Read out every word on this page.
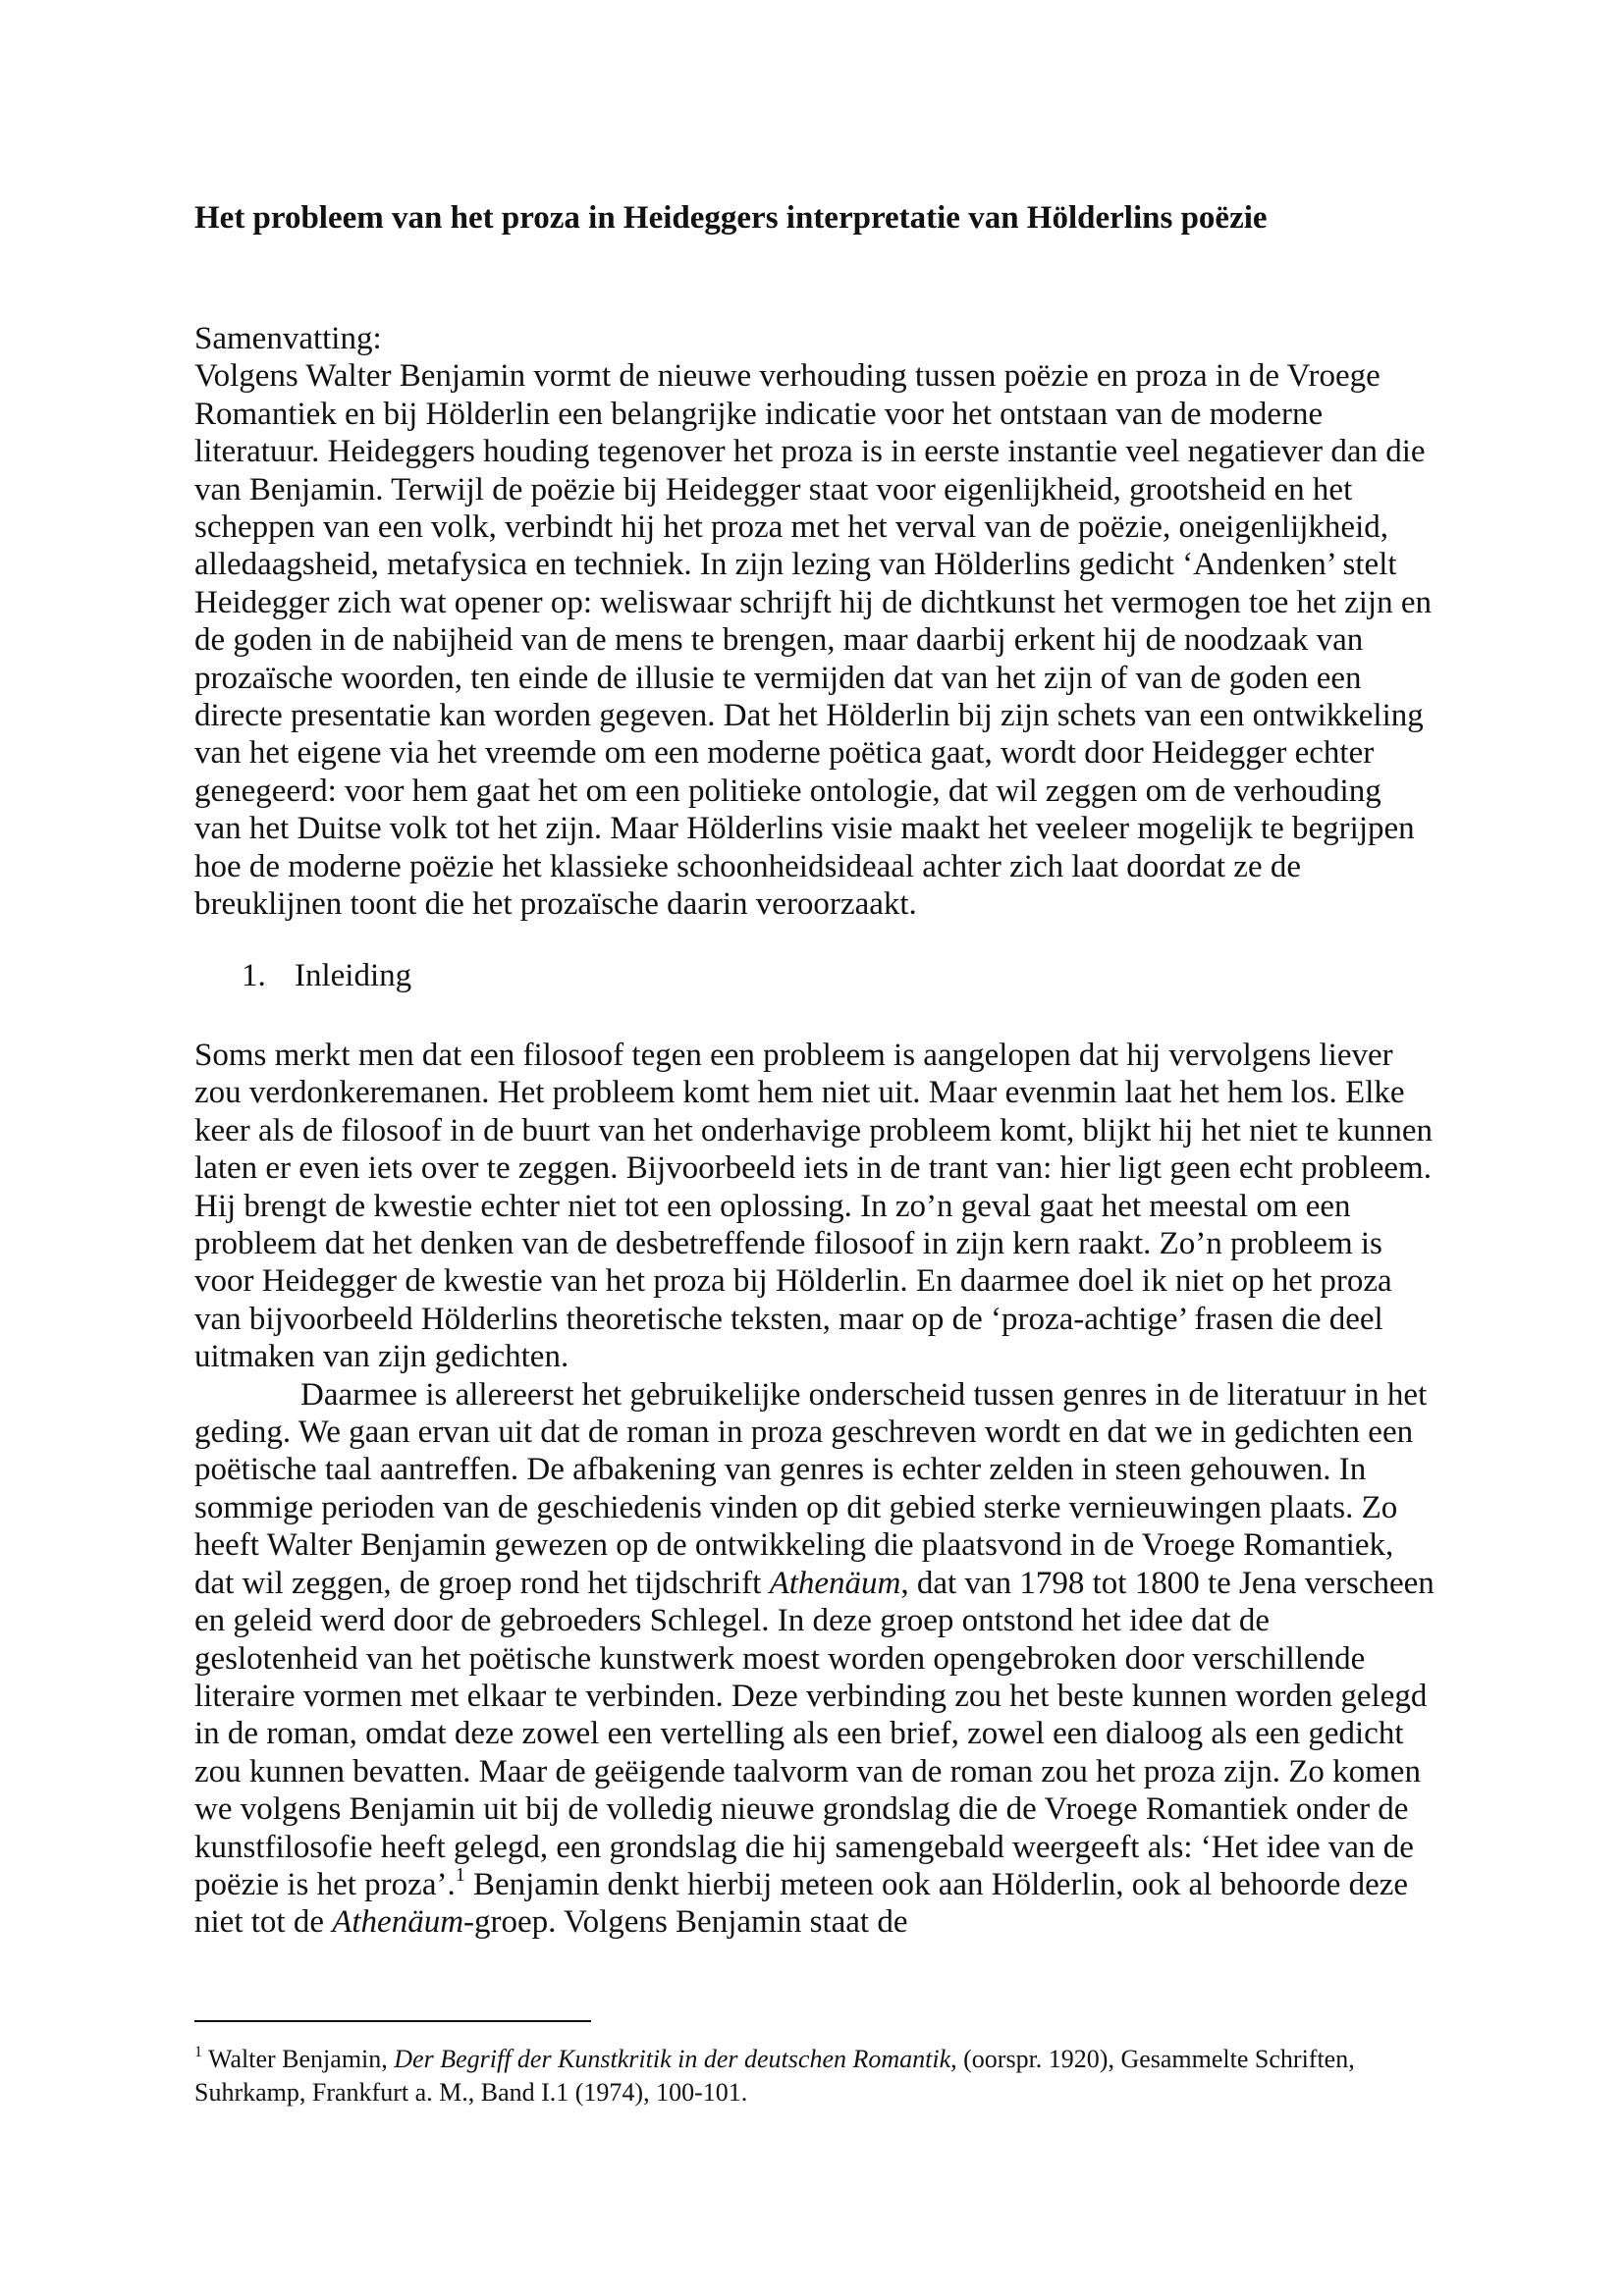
Het probleem van het proza in Heideggers interpretatie van Hölderlins poëzie

Samenvatting:

Volgens Walter Benjamin vormt de nieuwe verhouding tussen poëzie en proza in de Vroege Romantiek en bij Hölderlin een belangrijke indicatie voor het ontstaan van de moderne literatuur. Heideggers houding tegenover het proza is in eerste instantie veel negatiever dan die van Benjamin. Terwijl de poëzie bij Heidegger staat voor eigenlijkheid, grootsheid en het scheppen van een volk, verbindt hij het proza met het verval van de poëzie, oneigenlijkheid, alledaagsheid, metafysica en techniek. In zijn lezing van Hölderlins gedicht ‘Andenken’ stelt Heidegger zich wat opener op: weliswaar schrijft hij de dichtkunst het vermogen toe het zijn en de goden in de nabijheid van de mens te brengen, maar daarbij erkent hij de noodzaak van prozaïsche woorden, ten einde de illusie te vermijden dat van het zijn of van de goden een directe presentatie kan worden gegeven. Dat het Hölderlin bij zijn schets van een ontwikkeling van het eigene via het vreemde om een moderne poëtica gaat, wordt door Heidegger echter genegeerd: voor hem gaat het om een politieke ontologie, dat wil zeggen om de verhouding van het Duitse volk tot het zijn. Maar Hölderlins visie maakt het veeleer mogelijk te begrijpen hoe de moderne poëzie het klassieke schoonheidsideaal achter zich laat doordat ze de breuklijnen toont die het prozaïsche daarin veroorzaakt.

1. Inleiding

Soms merkt men dat een filosoof tegen een probleem is aangelopen dat hij vervolgens liever zou verdonkeremanen. Het probleem komt hem niet uit. Maar evenmin laat het hem los. Elke keer als de filosoof in de buurt van het onderhavige probleem komt, blijkt hij het niet te kunnen laten er even iets over te zeggen. Bijvoorbeeld iets in de trant van: hier ligt geen echt probleem. Hij brengt de kwestie echter niet tot een oplossing. In zo’n geval gaat het meestal om een probleem dat het denken van de desbetreffende filosoof in zijn kern raakt. Zo’n probleem is voor Heidegger de kwestie van het proza bij Hölderlin. En daarmee doel ik niet op het proza van bijvoorbeeld Hölderlins theoretische teksten, maar op de ‘proza-achtige’ frasen die deel uitmaken van zijn gedichten.

Daarmee is allereerst het gebruikelijke onderscheid tussen genres in de literatuur in het geding. We gaan ervan uit dat de roman in proza geschreven wordt en dat we in gedichten een poëtische taal aantreffen. De afbakening van genres is echter zelden in steen gehouwen. In sommige perioden van de geschiedenis vinden op dit gebied sterke vernieuwingen plaats. Zo heeft Walter Benjamin gewezen op de ontwikkeling die plaatsvond in de Vroege Romantiek, dat wil zeggen, de groep rond het tijdschrift Athenäum, dat van 1798 tot 1800 te Jena verscheen en geleid werd door de gebroeders Schlegel. In deze groep ontstond het idee dat de geslotenheid van het poëtische kunstwerk moest worden opengebroken door verschillende literaire vormen met elkaar te verbinden. Deze verbinding zou het beste kunnen worden gelegd in de roman, omdat deze zowel een vertelling als een brief, zowel een dialoog als een gedicht zou kunnen bevatten. Maar de geëigende taalvorm van de roman zou het proza zijn. Zo komen we volgens Benjamin uit bij de volledig nieuwe grondslag die de Vroege Romantiek onder de kunstfilosofie heeft gelegd, een grondslag die hij samengebald weergeeft als: ‘Het idee van de poëzie is het proza’.$^1$ Benjamin denkt hierbij meteen ook aan Hölderlin, ook al behoorde deze niet tot de Athenäum-groep. Volgens Benjamin staat de

$^1$ Walter Benjamin, Der Begriff der Kunstkritik in der deutschen Romantik, (oorspr. 1920), Gesammelte Schriften, Suhrkamp, Frankfurt a. M., Band I.1 (1974), 100-101.
